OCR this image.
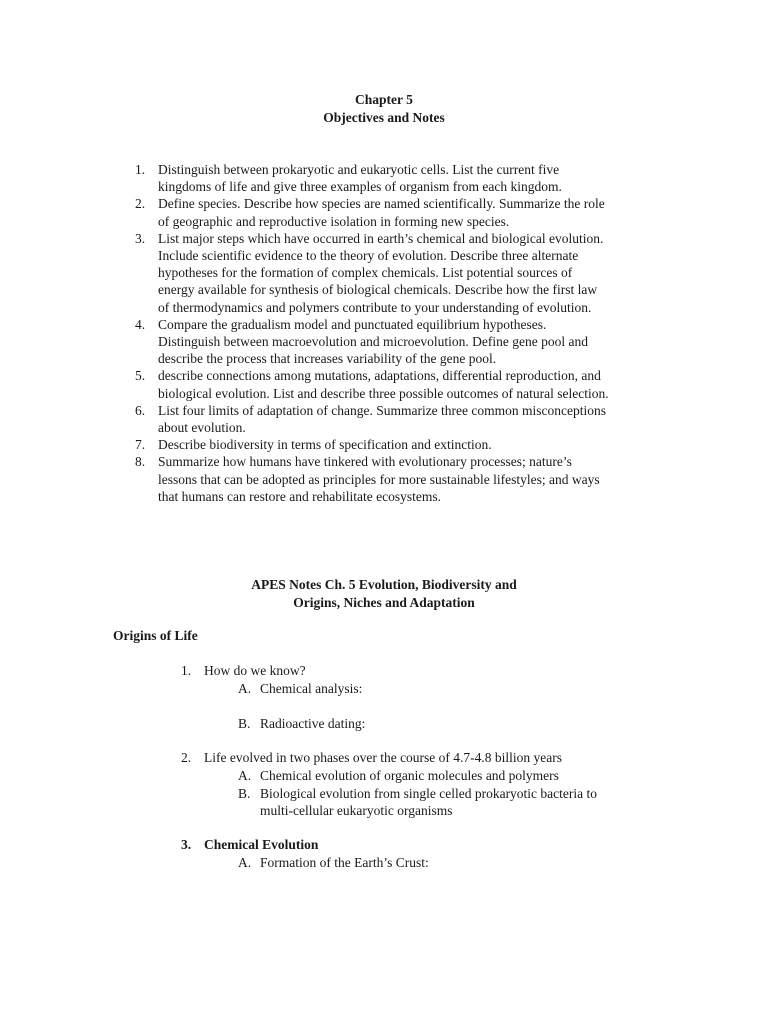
Chapter 5
Objectives and Notes
1. Distinguish between prokaryotic and eukaryotic cells. List the current five
kingdoms of life and give three examples of organism from each kingdom.
2. Define species. Describe how species are named scientifically. Summarize the role
of geographic and reproductive isolation in forming new species.
3. List major steps which have occurred in earth’s chemical and biological evolution.
Include scientific evidence to the theory of evolution. Describe three alternate
hypotheses for the formation of complex chemicals. List potential sources of
energy available for synthesis of biological chemicals. Describe how the first law
of thermodynamics and polymers contribute to your understanding of evolution.
4. Compare the gradualism model and punctuated equilibrium hypotheses.
Distinguish between macroevolution and microevolution. Define gene pool and
describe the process that increases variability of the gene pool.
5. describe connections among mutations, adaptations, differential reproduction, and
biological evolution. List and describe three possible outcomes of natural selection.
6. List four limits of adaptation of change. Summarize three common misconceptions
about evolution.
7. Describe biodiversity in terms of specification and extinction.
8. Summarize how humans have tinkered with evolutionary processes; nature’s
lessons that can be adopted as principles for more sustainable lifestyles; and ways
that humans can restore and rehabilitate ecosystems.
APES Notes Ch. 5 Evolution, Biodiversity and
Origins, Niches and Adaptation
Origins of Life
1. How do we know?
A. Chemical analysis:
B. Radioactive dating:
2. Life evolved in two phases over the course of 4.7-4.8 billion years
A. Chemical evolution of organic molecules and polymers
B. Biological evolution from single celled prokaryotic bacteria to
multi-cellular eukaryotic organisms
3. Chemical Evolution
A. Formation of the Earth’s Crust:
